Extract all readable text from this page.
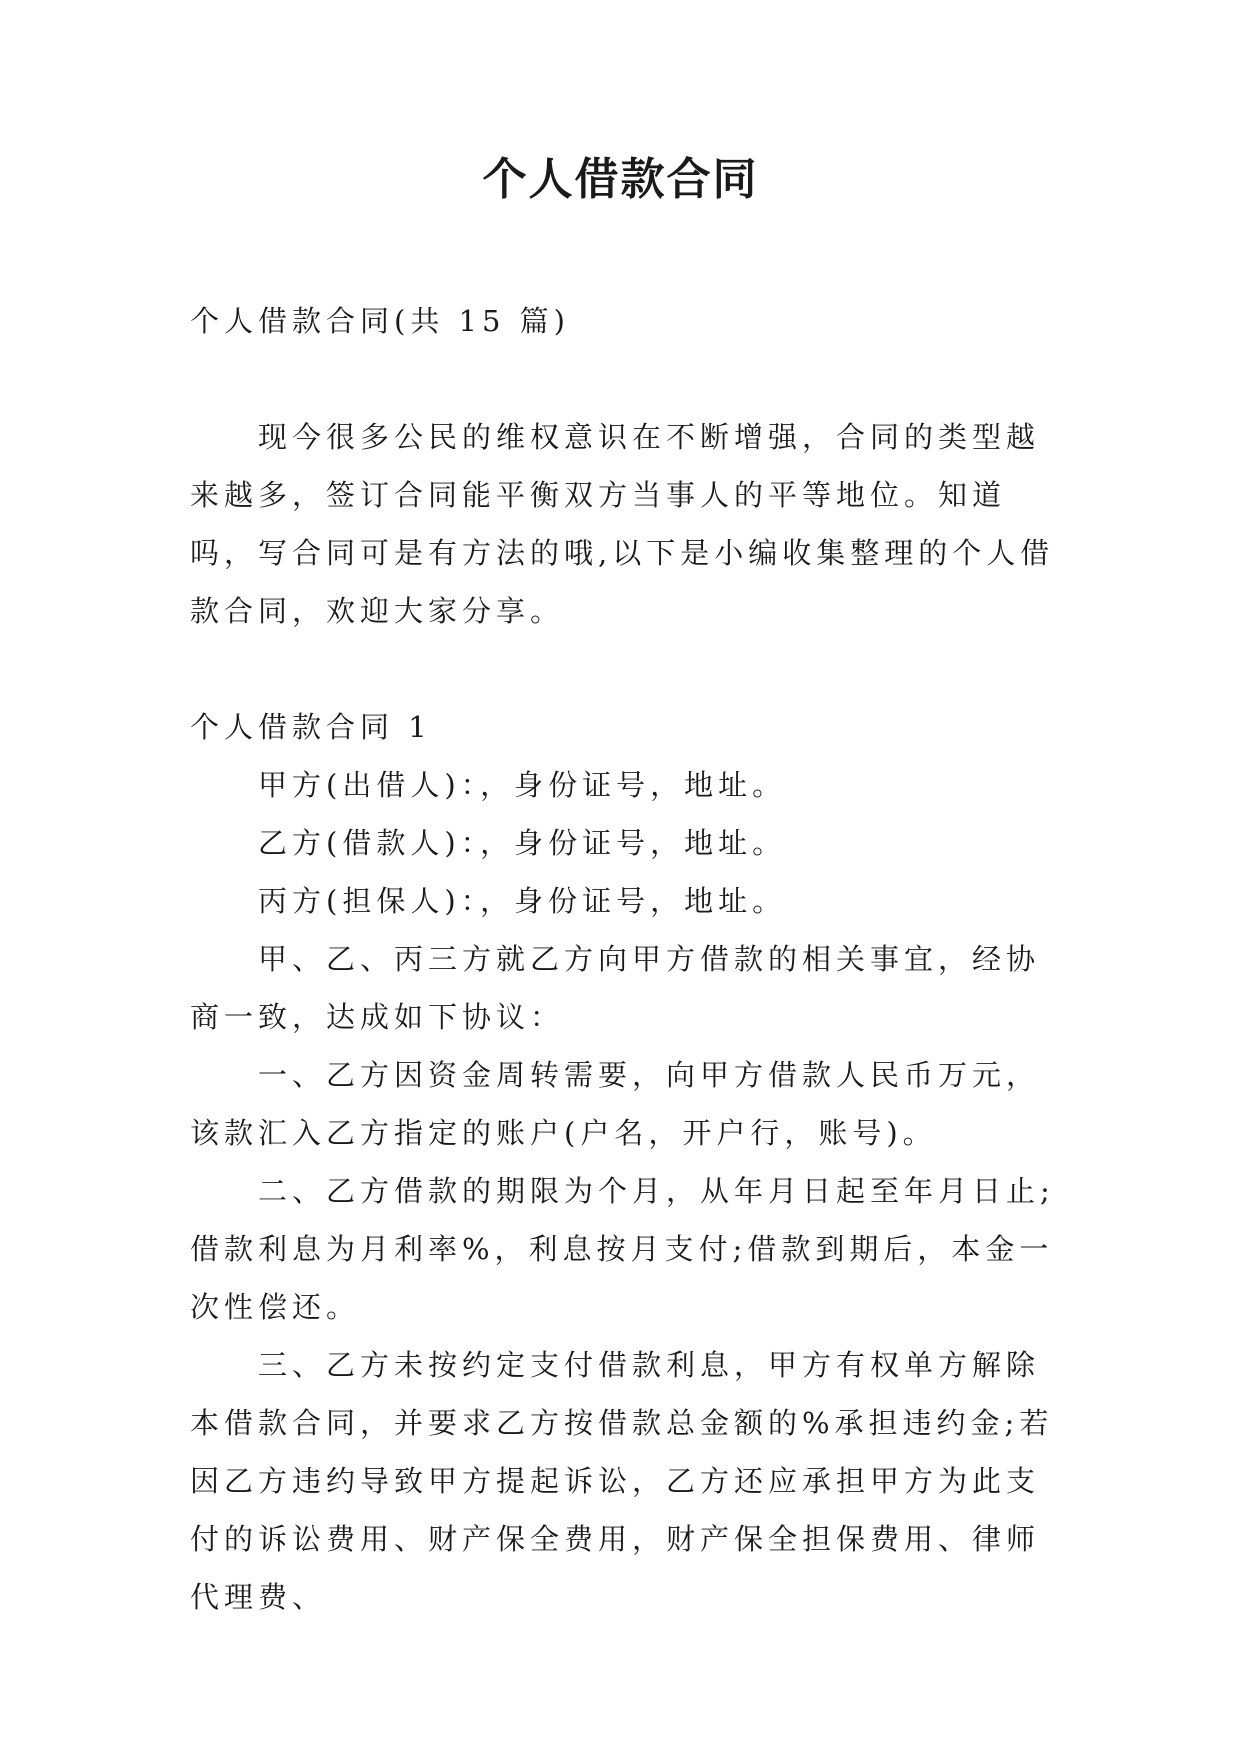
个人借款合同

个人借款合同(共 15 篇)

现今很多公民的维权意识在不断增强，合同的类型越来越多，签订合同能平衡双方当事人的平等地位。知道吗，写合同可是有方法的哦,以下是小编收集整理的个人借款合同，欢迎大家分享。

个人借款合同 1

甲方(出借人)：，身份证号，地址。

乙方(借款人)：，身份证号，地址。

丙方(担保人)：，身份证号，地址。

甲、乙、丙三方就乙方向甲方借款的相关事宜，经协商一致，达成如下协议：

一、乙方因资金周转需要，向甲方借款人民币万元，该款汇入乙方指定的账户(户名，开户行，账号)。

二、乙方借款的期限为个月，从年月日起至年月日止;借款利息为月利率%，利息按月支付;借款到期后，本金一次性偿还。

三、乙方未按约定支付借款利息，甲方有权单方解除本借款合同，并要求乙方按借款总金额的%承担违约金;若因乙方违约导致甲方提起诉讼，乙方还应承担甲方为此支付的诉讼费用、财产保全费用，财产保全担保费用、律师代理费、
